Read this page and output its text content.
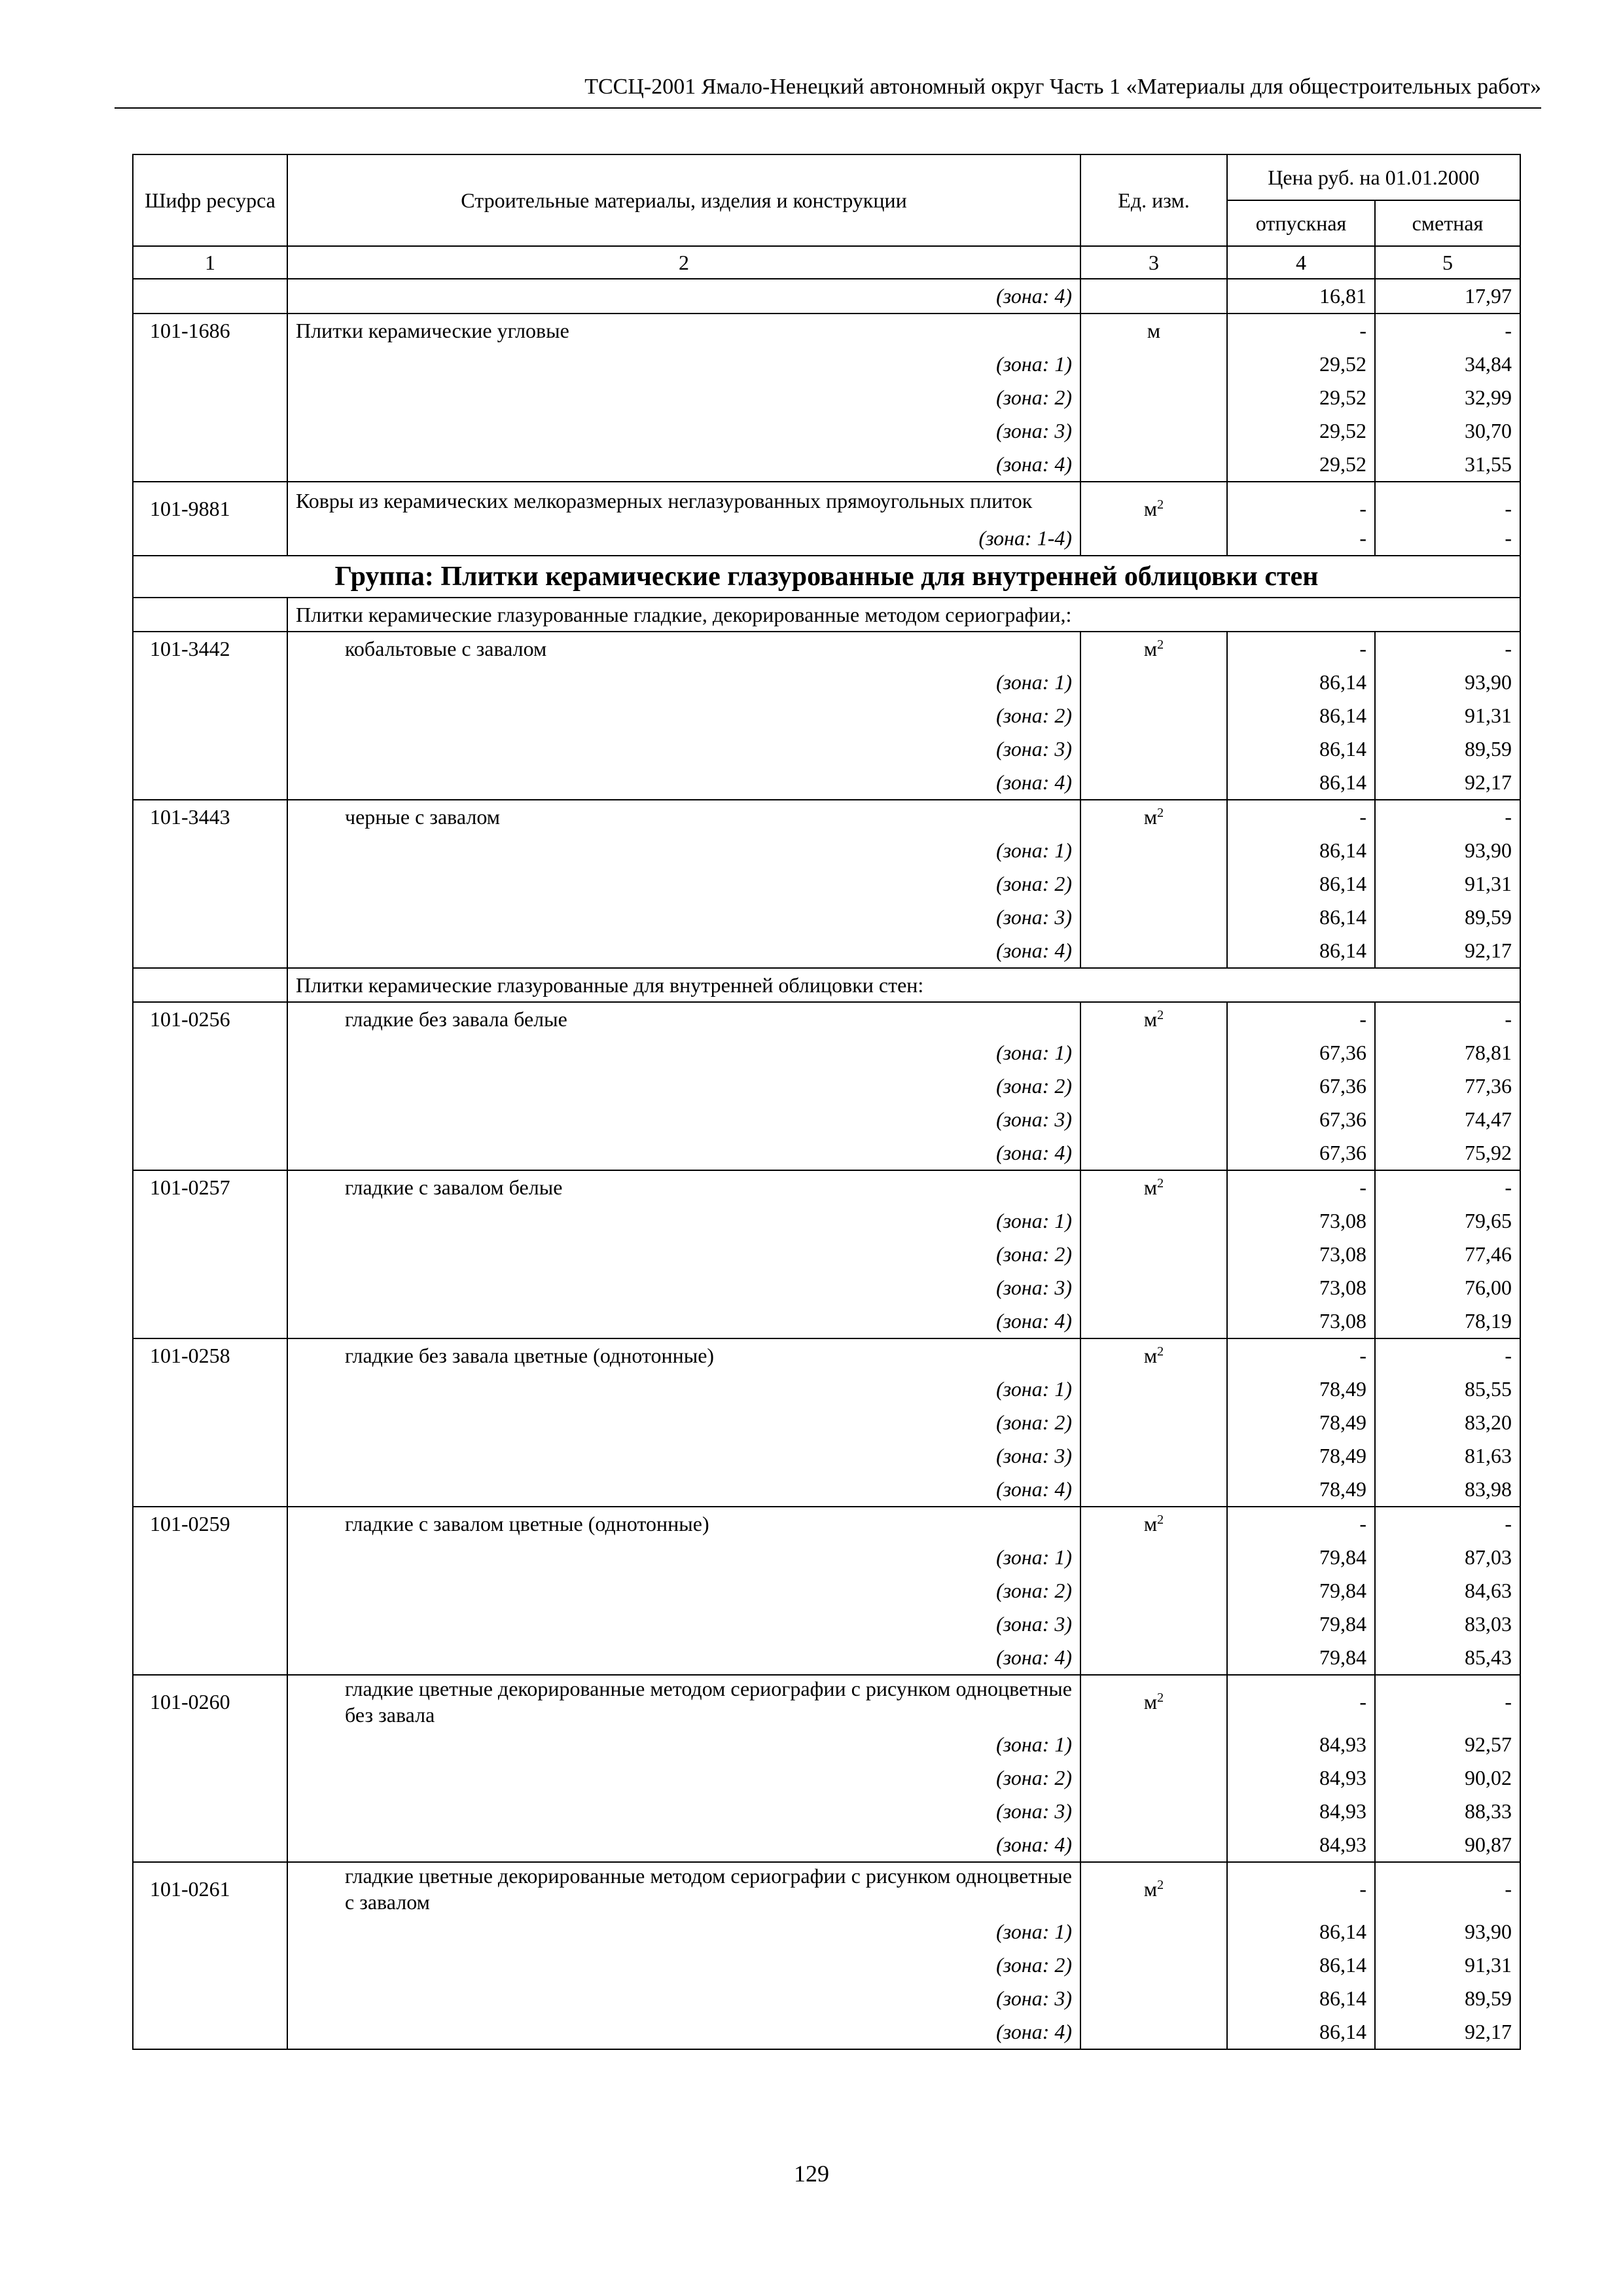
ТССЦ-2001 Ямало-Ненецкий автономный округ Часть 1 «Материалы для общестроительных работ»
Шифр ресурса	Строительные материалы, изделия и конструкции	Ед. изм.	Цена руб. на 01.01.2000	
			отпускная	сметная
1	2	3	4	5
	(зона: 4)		16,81	17,97
101-1686	Плитки керамические угловые	м	-	-
	(зона: 1)		29,52	34,84
	(зона: 2)		29,52	32,99
	(зона: 3)		29,52	30,70
	(зона: 4)		29,52	31,55
101-9881	Ковры из керамических мелкоразмерных неглазурованных прямоугольных плиток	$м^2$	-	-
	(зона: 1-4)		-	-
Группа: Плитки керамические глазурованные для внутренней облицовки стен				
	Плитки керамические глазурованные гладкие, декорированные методом сериографии,:			
101-3442	кобальтовые с завалом	$м^2$	-	-
	(зона: 1)		86,14	93,90
	(зона: 2)		86,14	91,31
	(зона: 3)		86,14	89,59
	(зона: 4)		86,14	92,17
101-3443	черные с завалом	$м^2$	-	-
	(зона: 1)		86,14	93,90
	(зона: 2)		86,14	91,31
	(зона: 3)		86,14	89,59
	(зона: 4)		86,14	92,17
	Плитки керамические глазурованные для внутренней облицовки стен:			
101-0256	гладкие без завала белые	$м^2$	-	-
	(зона: 1)		67,36	78,81
	(зона: 2)		67,36	77,36
	(зона: 3)		67,36	74,47
	(зона: 4)		67,36	75,92
101-0257	гладкие с завалом белые	$м^2$	-	-
	(зона: 1)		73,08	79,65
	(зона: 2)		73,08	77,46
	(зона: 3)		73,08	76,00
	(зона: 4)		73,08	78,19
101-0258	гладкие без завала цветные (однотонные)	$м^2$	-	-
	(зона: 1)		78,49	85,55
	(зона: 2)		78,49	83,20
	(зона: 3)		78,49	81,63
	(зона: 4)		78,49	83,98
101-0259	гладкие с завалом цветные (однотонные)	$м^2$	-	-
	(зона: 1)		79,84	87,03
	(зона: 2)		79,84	84,63
	(зона: 3)		79,84	83,03
	(зона: 4)		79,84	85,43
101-0260	гладкие цветные декорированные методом сериографии с рисунком одноцветные без завала	$м^2$	-	-
	(зона: 1)		84,93	92,57
	(зона: 2)		84,93	90,02
	(зона: 3)		84,93	88,33
	(зона: 4)		84,93	90,87
101-0261	гладкие цветные декорированные методом сериографии с рисунком одноцветные с завалом	$м^2$	-	-
	(зона: 1)		86,14	93,90
	(зона: 2)		86,14	91,31
	(зона: 3)		86,14	89,59
	(зона: 4)		86,14	92,17
129
